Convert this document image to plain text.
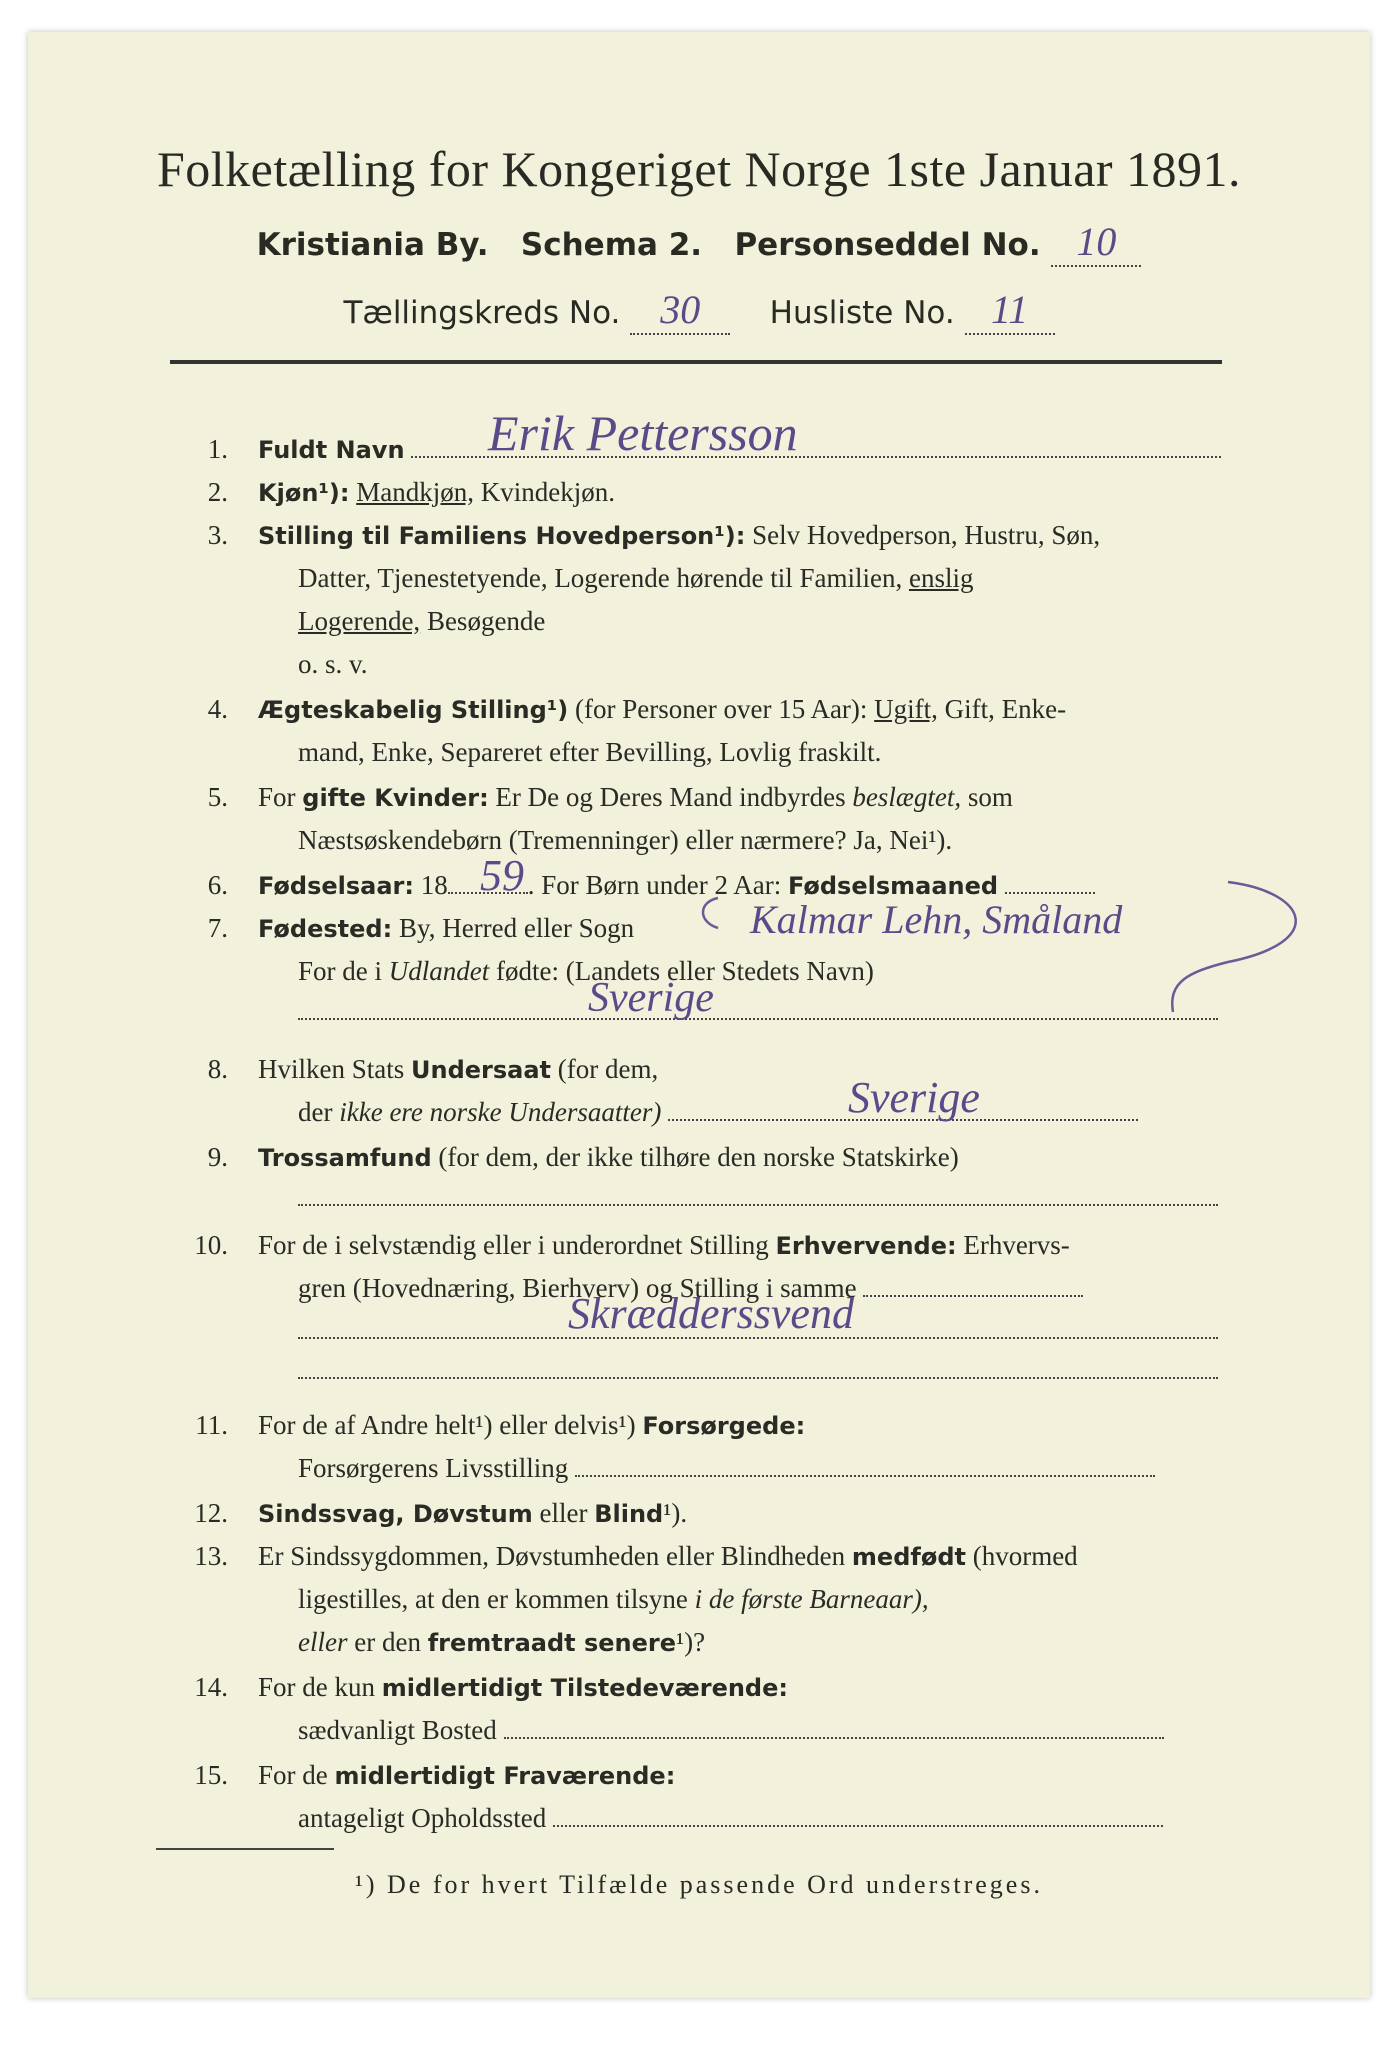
Folketælling for Kongeriget Norge 1ste Januar 1891.
Kristiania By. Schema 2. Personseddel No. 10
Tællingskreds No. 30 Husliste No. 11
1. Fuldt Navn	Erik Pettersson
2. Kjøn¹): Mandkjøn, Kvindekjøn.
3. Stilling til Familiens Hovedperson¹): Selv Hovedperson, Hustru, Søn,
Datter, Tjenestetyende, Logerende hørende til Familien, enslig
Logerende, Besøgende
o. s. v.
4. Ægteskabelig Stilling¹) (for Personer over 15 Aar): Ugift, Gift, Enke-
mand, Enke, Separeret efter Bevilling, Lovlig fraskilt.
5. For gifte Kvinder: Er De og Deres Mand indbyrdes beslægtet, som
Næstsøskendebørn (Tremenninger) eller nærmere? Ja, Nei¹).
6. Fødselsaar: 18	. For Børn under 2 Aar: Fødselsmaaned
59
7. Fødested: By, Herred eller Sogn	Kalmar Lehn, Småland
For de i Udlandet fødte: (Landets eller Stedets Navn)
Sverige
8. Hvilken Stats Undersaat (for dem,
der ikke ere norske Undersaatter)	Sverige
9. Trossamfund (for dem, der ikke tilhøre den norske Statskirke)
10. For de i selvstændig eller i underordnet Stilling Erhvervende: Erhvervs-
gren (Hovednæring, Bierhverv) og Stilling i samme
Skrædderssvend
11. For de af Andre helt¹) eller delvis¹) Forsørgede:
Forsørgerens Livsstilling
12. Sindssvag, Døvstum eller Blind¹).
13. Er Sindssygdommen, Døvstumheden eller Blindheden medfødt (hvormed
ligestilles, at den er kommen tilsyne i de første Barneaar),
eller er den fremtraadt senere¹)?
14. For de kun midlertidigt Tilstedeværende:
sædvanligt Bosted
15. For de midlertidigt Fraværende:
antageligt Opholdssted
¹) De for hvert Tilfælde passende Ord understreges.
